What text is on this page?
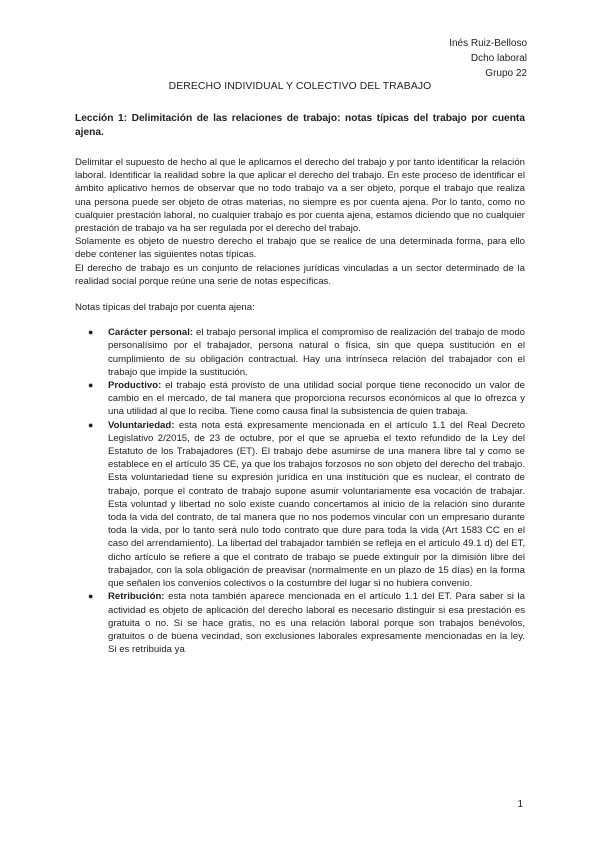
Inés Ruiz-Belloso
Dcho laboral
Grupo 22
DERECHO INDIVIDUAL Y COLECTIVO DEL TRABAJO

Lección 1: Delimitación de las relaciones de trabajo: notas típicas del trabajo por cuenta ajena.

Delimitar el supuesto de hecho al que le aplicamos el derecho del trabajo y por tanto identificar la relación laboral. Identificar la realidad sobre la que aplicar el derecho del trabajo. En este proceso de identificar el ámbito aplicativo hemos de observar que no todo trabajo va a ser objeto, porque el trabajo que realiza una persona puede ser objeto de otras materias, no siempre es por cuenta ajena. Por lo tanto, como no cualquier prestación laboral, no cualquier trabajo es por cuenta ajena, estamos diciendo que no cualquier prestación de trabajo va ha ser regulada por el derecho del trabajo.

Solamente es objeto de nuestro derecho el trabajo que se realice de una determinada forma, para ello debe contener las siguientes notas típicas.

El derecho de trabajo es un conjunto de relaciones jurídicas vinculadas a un sector determinado de la realidad social porque reúne una serie de notas específicas.

Notas típicas del trabajo por cuenta ajena:

● Carácter personal: el trabajo personal implica el compromiso de realización del trabajo de modo personalísimo por el trabajador, persona natural o física, sin que quepa sustitución en el cumplimiento de su obligación contractual. Hay una intrínseca relación del trabajador con el trabajo que impide la sustitución.
● Productivo: el trabajo está provisto de una utilidad social porque tiene reconocido un valor de cambio en el mercado, de tal manera que proporciona recursos económicos al que lo ofrezca y una utilidad al que lo reciba. Tiene como causa final la subsistencia de quien trabaja.
● Voluntariedad: esta nota está expresamente mencionada en el artículo 1.1 del Real Decreto Legislativo 2/2015, de 23 de octubre, por el que se aprueba el texto refundido de la Ley del Estatuto de los Trabajadores (ET). El trabajo debe asumirse de una manera libre tal y como se establece en el artículo 35 CE, ya que los trabajos forzosos no son objeto del derecho del trabajo. Esta voluntariedad tiene su expresión jurídica en una institución que es nuclear, el contrato de trabajo, porque el contrato de trabajo supone asumir voluntariamente esa vocación de trabajar. Esta voluntad y libertad no solo existe cuando concertamos al inicio de la relación sino durante toda la vida del contrato, de tal manera que no nos podemos vincular con un empresario durante toda la vida, por lo tanto será nulo todo contrato que dure para toda la vida (Art 1583 CC en el caso del arrendamiento). La libertad del trabajador también se refleja en el artículo 49.1 d) del ET, dicho artículo se refiere a que el contrato de trabajo se puede extinguir por la dimisión libre del trabajador, con la sola obligación de preavisar (normalmente en un plazo de 15 días) en la forma que señalen los convenios colectivos o la costumbre del lugar si no hubiera convenio.
● Retribución: esta nota también aparece mencionada en el artículo 1.1 del ET. Para saber si la actividad es objeto de aplicación del derecho laboral es necesario distinguir si esa prestación es gratuita o no. Si se hace gratis, no es una relación laboral porque son trabajos benévolos, gratuitos o de buena vecindad, son exclusiones laborales expresamente mencionadas en la ley. Si es retribuida ya
1
